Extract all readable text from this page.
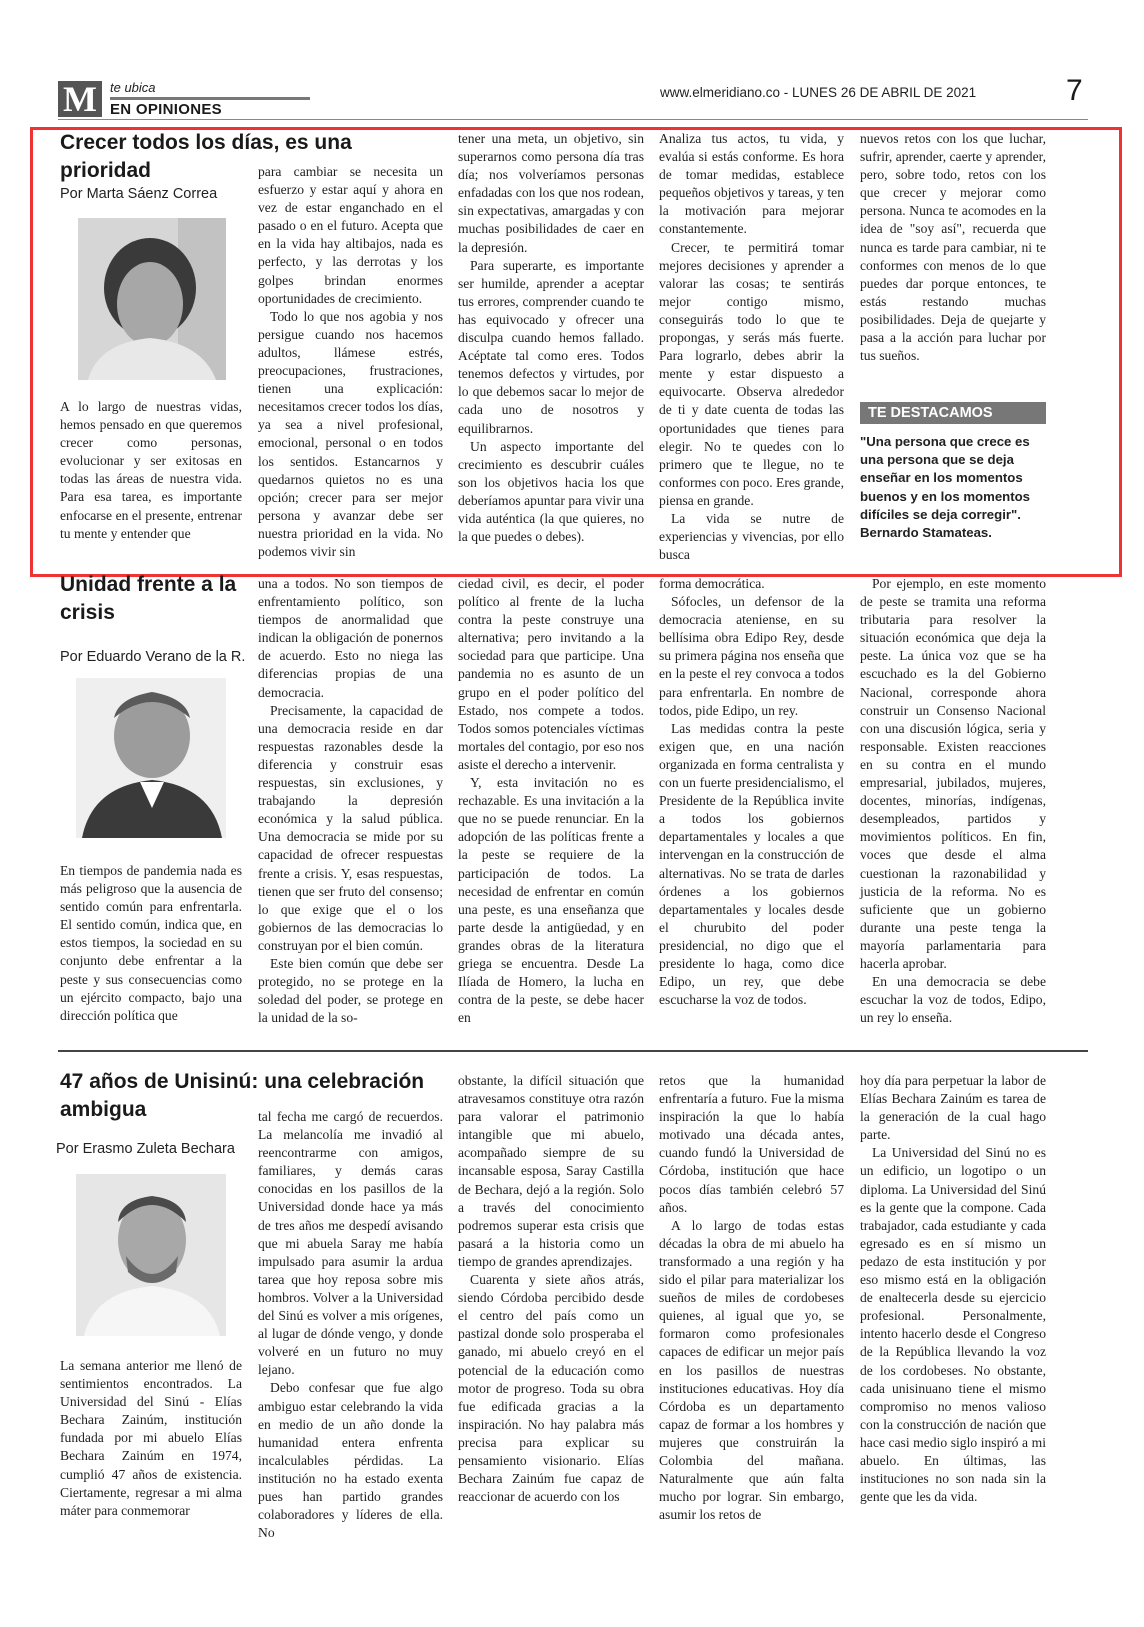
M	te ubica
EN OPINIONES
www.elmeridiano.co - LUNES 26 DE ABRIL DE 2021	7
Crecer todos los días, es una prioridad
Por Marta Sáenz Correa

A lo largo de nuestras vidas, hemos pensado en que queremos crecer como personas, evolucionar y ser exitosas en todas las áreas de nuestra vida. Para esa tarea, es importante enfocarse en el presente, entrenar tu mente y entender que

para cambiar se necesita un esfuerzo y estar aquí y ahora en vez de estar enganchado en el pasado o en el futuro. Acepta que en la vida hay altibajos, nada es perfecto, y las derrotas y los golpes brindan enormes oportunidades de crecimiento.

Todo lo que nos agobia y nos persigue cuando nos hacemos adultos, llámese estrés, preocupaciones, frustraciones, tienen una explicación: necesitamos crecer todos los días, ya sea a nivel profesional, emocional, personal o en todos los sentidos. Estancarnos y quedarnos quietos no es una opción; crecer para ser mejor persona y avanzar debe ser nuestra prioridad en la vida. No podemos vivir sin

tener una meta, un objetivo, sin superarnos como persona día tras día; nos volveríamos personas enfadadas con los que nos rodean, sin expectativas, amargadas y con muchas posibilidades de caer en la depresión.

Para superarte, es importante ser humilde, aprender a aceptar tus errores, comprender cuando te has equivocado y ofrecer una disculpa cuando hemos fallado. Acéptate tal como eres. Todos tenemos defectos y virtudes, por lo que debemos sacar lo mejor de cada uno de nosotros y equilibrarnos.

Un aspecto importante del crecimiento es descubrir cuáles son los objetivos hacia los que deberíamos apuntar para vivir una vida auténtica (la que quieres, no la que puedes o debes).

Analiza tus actos, tu vida, y evalúa si estás conforme. Es hora de tomar medidas, establece pequeños objetivos y tareas, y ten la motivación para mejorar constantemente.

Crecer, te permitirá tomar mejores decisiones y aprender a valorar las cosas; te sentirás mejor contigo mismo, conseguirás todo lo que te propongas, y serás más fuerte. Para lograrlo, debes abrir la mente y estar dispuesto a equivocarte. Observa alrededor de ti y date cuenta de todas las oportunidades que tienes para elegir. No te quedes con lo primero que te llegue, no te conformes con poco. Eres grande, piensa en grande.

La vida se nutre de experiencias y vivencias, por ello busca

nuevos retos con los que luchar, sufrir, aprender, caerte y aprender, pero, sobre todo, retos con los que crecer y mejorar como persona. Nunca te acomodes en la idea de "soy así", recuerda que nunca es tarde para cambiar, ni te conformes con menos de lo que puedes dar porque entonces, te estás restando muchas posibilidades. Deja de quejarte y pasa a la acción para luchar por tus sueños.

TE DESTACAMOS
"Una persona que crece es una persona que se deja enseñar en los momentos buenos y en los momentos difíciles se deja corregir". Bernardo Stamateas.
Unidad frente a la crisis
Por Eduardo Verano de la R.

En tiempos de pandemia nada es más peligroso que la ausencia de sentido común para enfrentarla. El sentido común, indica que, en estos tiempos, la sociedad en su conjunto debe enfrentar a la peste y sus consecuencias como un ejército compacto, bajo una dirección política que

una a todos. No son tiempos de enfrentamiento político, son tiempos de anormalidad que indican la obligación de ponernos de acuerdo. Esto no niega las diferencias propias de una democracia.

Precisamente, la capacidad de una democracia reside en dar respuestas razonables desde la diferencia y construir esas respuestas, sin exclusiones, y trabajando la depresión económica y la salud pública. Una democracia se mide por su capacidad de ofrecer respuestas frente a crisis. Y, esas respuestas, tienen que ser fruto del consenso; lo que exige que el o los gobiernos de las democracias lo construyan por el bien común.

Este bien común que debe ser protegido, no se protege en la soledad del poder, se protege en la unidad de la so-

ciedad civil, es decir, el poder político al frente de la lucha contra la peste construye una alternativa; pero invitando a la sociedad para que participe. Una pandemia no es asunto de un grupo en el poder político del Estado, nos compete a todos. Todos somos potenciales víctimas mortales del contagio, por eso nos asiste el derecho a intervenir.

Y, esta invitación no es rechazable. Es una invitación a la que no se puede renunciar. En la adopción de las políticas frente a la peste se requiere de la participación de todos. La necesidad de enfrentar en común una peste, es una enseñanza que parte desde la antigüedad, y en grandes obras de la literatura griega se encuentra. Desde La Ilíada de Homero, la lucha en contra de la peste, se debe hacer en

forma democrática.

Sófocles, un defensor de la democracia ateniense, en su bellísima obra Edipo Rey, desde su primera página nos enseña que en la peste el rey convoca a todos para enfrentarla. En nombre de todos, pide Edipo, un rey.

Las medidas contra la peste exigen que, en una nación organizada en forma centralista y con un fuerte presidencialismo, el Presidente de la República invite a todos los gobiernos departamentales y locales a que intervengan en la construcción de alternativas. No se trata de darles órdenes a los gobiernos departamentales y locales desde el churubito del poder presidencial, no digo que el presidente lo haga, como dice Edipo, un rey, que debe escucharse la voz de todos.

Por ejemplo, en este momento de peste se tramita una reforma tributaria para resolver la situación económica que deja la peste. La única voz que se ha escuchado es la del Gobierno Nacional, corresponde ahora construir un Consenso Nacional con una discusión lógica, seria y responsable. Existen reacciones en su contra en el mundo empresarial, jubilados, mujeres, docentes, minorías, indígenas, desempleados, partidos y movimientos políticos. En fin, voces que desde el alma cuestionan la razonabilidad y justicia de la reforma. No es suficiente que un gobierno durante una peste tenga la mayoría parlamentaria para hacerla aprobar.

En una democracia se debe escuchar la voz de todos, Edipo, un rey lo enseña.

47 años de Unisinú: una celebración ambigua
Por Erasmo Zuleta Bechara

La semana anterior me llenó de sentimientos encontrados. La Universidad del Sinú - Elías Bechara Zainúm, institución fundada por mi abuelo Elías Bechara Zainúm en 1974, cumplió 47 años de existencia. Ciertamente, regresar a mi alma máter para conmemorar

tal fecha me cargó de recuerdos. La melancolía me invadió al reencontrarme con amigos, familiares, y demás caras conocidas en los pasillos de la Universidad donde hace ya más de tres años me despedí avisando que mi abuela Saray me había impulsado para asumir la ardua tarea que hoy reposa sobre mis hombros. Volver a la Universidad del Sinú es volver a mis orígenes, al lugar de dónde vengo, y donde volveré en un futuro no muy lejano.

Debo confesar que fue algo ambiguo estar celebrando la vida en medio de un año donde la humanidad entera enfrenta incalculables pérdidas. La institución no ha estado exenta pues han partido grandes colaboradores y líderes de ella. No

obstante, la difícil situación que atravesamos constituye otra razón para valorar el patrimonio intangible que mi abuelo, acompañado siempre de su incansable esposa, Saray Castilla de Bechara, dejó a la región. Solo a través del conocimiento podremos superar esta crisis que pasará a la historia como un tiempo de grandes aprendizajes.

Cuarenta y siete años atrás, siendo Córdoba percibido desde el centro del país como un pastizal donde solo prosperaba el ganado, mi abuelo creyó en el potencial de la educación como motor de progreso. Toda su obra fue edificada gracias a la inspiración. No hay palabra más precisa para explicar su pensamiento visionario. Elías Bechara Zainúm fue capaz de reaccionar de acuerdo con los

retos que la humanidad enfrentaría a futuro. Fue la misma inspiración la que lo había motivado una década antes, cuando fundó la Universidad de Córdoba, institución que hace pocos días también celebró 57 años.

A lo largo de todas estas décadas la obra de mi abuelo ha transformado a una región y ha sido el pilar para materializar los sueños de miles de cordobeses quienes, al igual que yo, se formaron como profesionales capaces de edificar un mejor país en los pasillos de nuestras instituciones educativas. Hoy día Córdoba es un departamento capaz de formar a los hombres y mujeres que construirán la Colombia del mañana. Naturalmente que aún falta mucho por lograr. Sin embargo, asumir los retos de

hoy día para perpetuar la labor de Elías Bechara Zainúm es tarea de la generación de la cual hago parte.

La Universidad del Sinú no es un edificio, un logotipo o un diploma. La Universidad del Sinú es la gente que la compone. Cada trabajador, cada estudiante y cada egresado es en sí mismo un pedazo de esta institución y por eso mismo está en la obligación de enaltecerla desde su ejercicio profesional. Personalmente, intento hacerlo desde el Congreso de la República llevando la voz de los cordobeses. No obstante, cada unisinuano tiene el mismo compromiso no menos valioso con la construcción de nación que hace casi medio siglo inspiró a mi abuelo. En últimas, las instituciones no son nada sin la gente que les da vida.
